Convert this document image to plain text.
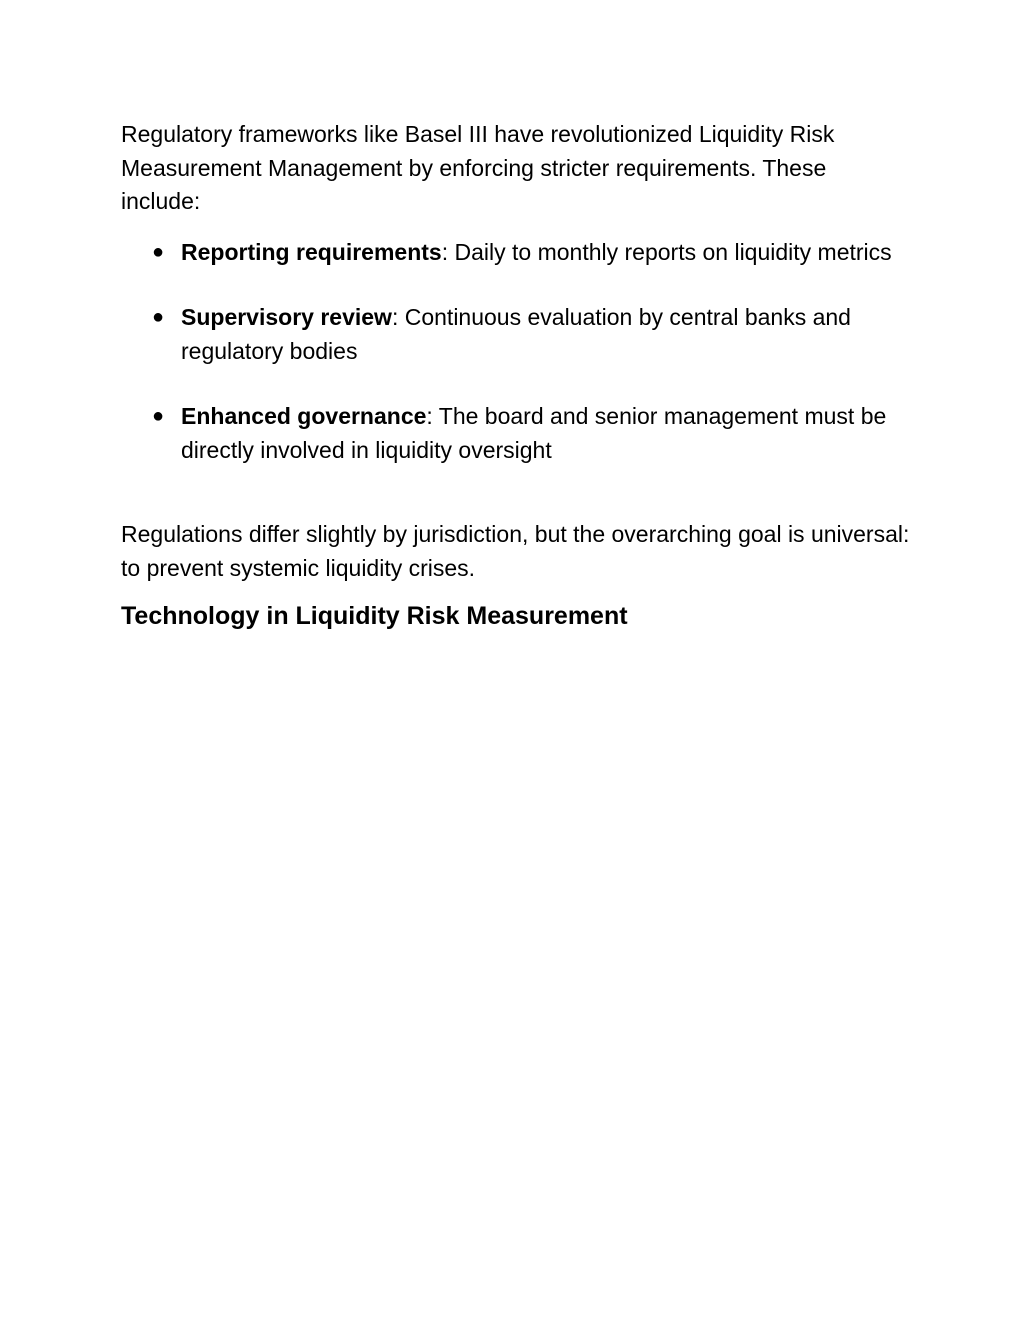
Regulatory frameworks like Basel III have revolutionized Liquidity Risk Measurement Management by enforcing stricter requirements. These include:

● Reporting requirements: Daily to monthly reports on liquidity metrics
● Supervisory review: Continuous evaluation by central banks and regulatory bodies
● Enhanced governance: The board and senior management must be directly involved in liquidity oversight

Regulations differ slightly by jurisdiction, but the overarching goal is universal: to prevent systemic liquidity crises.

Technology in Liquidity Risk Measurement
